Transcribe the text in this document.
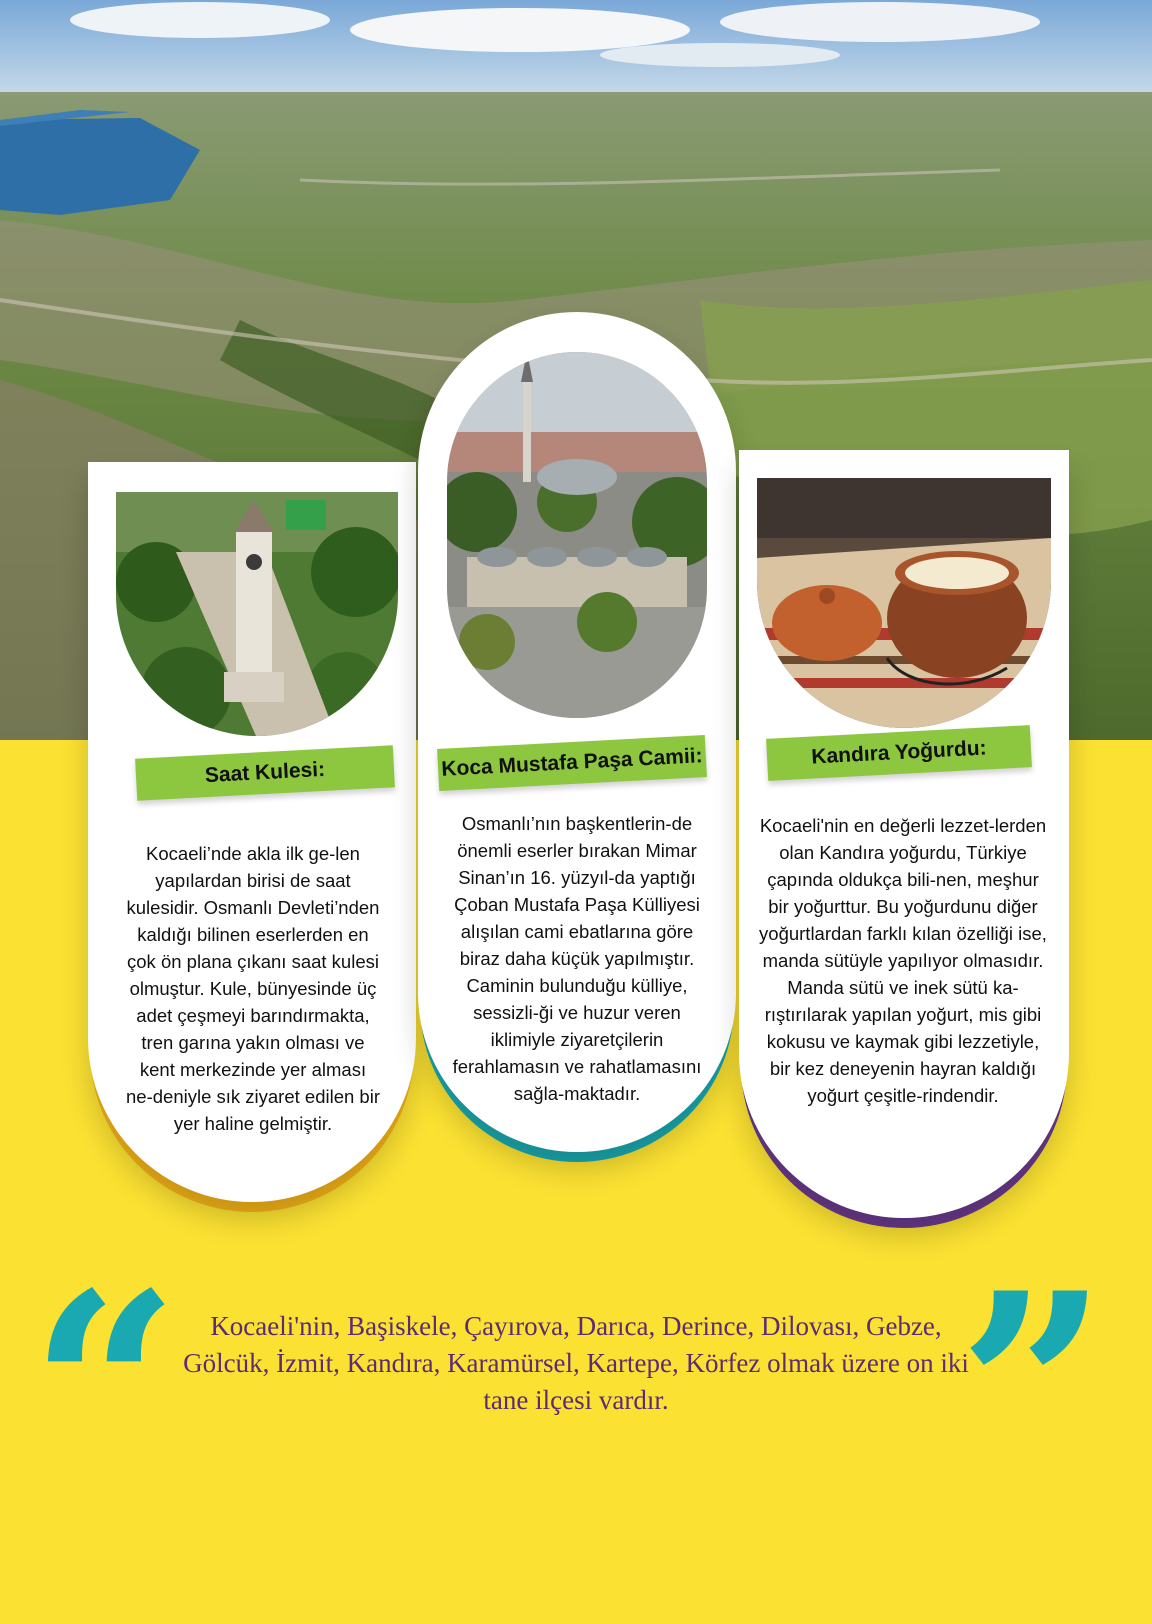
Saat Kulesi:

Kocaeli’nde akla ilk ge-len yapılardan birisi de saat kulesidir. Osmanlı Devleti’nden kaldığı bilinen eserlerden en çok ön plana çıkanı saat kulesi olmuştur. Kule, bünyesinde üç adet çeşmeyi barındırmakta, tren garına yakın olması ve kent merkezinde yer alması ne-deniyle sık ziyaret edilen bir yer haline gelmiştir.

Koca Mustafa Paşa Camii:

Osmanlı’nın başkentlerin-de önemli eserler bırakan Mimar Sinan’ın 16. yüzyıl-da yaptığı Çoban Mustafa Paşa Külliyesi alışılan cami ebatlarına göre biraz daha küçük yapılmıştır. Caminin bulunduğu külliye, sessizli-ği ve huzur veren iklimiyle ziyaretçilerin ferahlamasın ve rahatlamasını sağla-maktadır.

Kandıra Yoğurdu:

Kocaeli'nin en değerli lezzet-lerden olan Kandıra yoğurdu, Türkiye çapında oldukça bili-nen, meşhur bir yoğurttur. Bu yoğurdunu diğer yoğurtlardan farklı kılan özelliği ise, manda sütüyle yapılıyor olmasıdır. Manda sütü ve inek sütü ka-rıştırılarak yapılan yoğurt, mis gibi kokusu ve kaymak gibi lezzetiyle, bir kez deneyenin hayran kaldığı yoğurt çeşitle-rindendir.

“	Kocaeli'nin, Başiskele, Çayırova, Darıca, Derince, Dilovası, Gebze, Gölcük, İzmit, Kandıra, Karamürsel, Kartepe, Körfez olmak üzere on iki tane ilçesi vardır.	”
